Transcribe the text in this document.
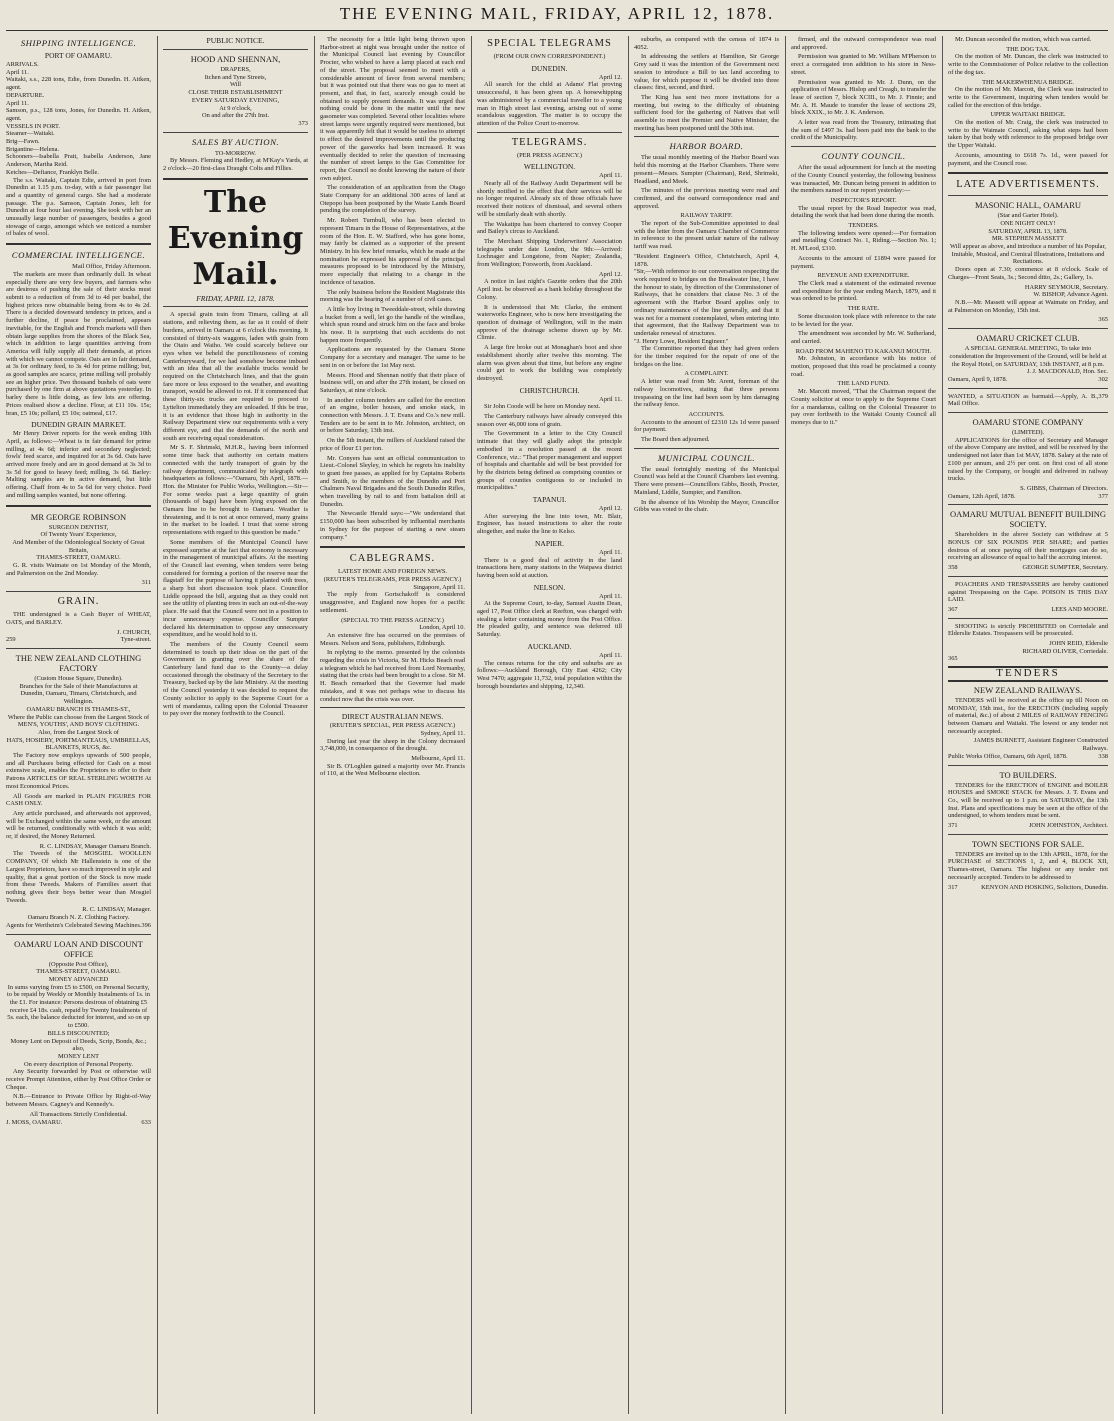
THE EVENING MAIL, FRIDAY, APRIL 12, 1878.
SHIPPING INTELLIGENCE.
PORT OF OAMARU.
ARRIVALS.
April 11.
Waitaki, s.s., 228 tons, Edie, from Dunedin. H. Aitken, agent.
DEPARTURE.
April 11.
Samson, p.s., 128 tons, Jones, for Dunedin. H. Aitken, agent.
VESSELS IN PORT.
Steamer—Waitaki.
Brig—Fawn.
Brigantine—Helena.
Schooners—Isabella Pratt, Isabella Anderson, Jane Anderson, Martha Reid.
Ketches—Defiance, Franklyn Belle.

The s.s. Waitaki, Captain Edie, arrived in port from Dunedin at 1.15 p.m. to-day, with a fair passenger list and a quantity of general cargo. She had a moderate passage. The p.s. Samson, Captain Jones, left for Dunedin at four hour last evening. She took with her an unusually large number of passengers, besides a good stowage of cargo, amongst which we noticed a number of bales of wool.

COMMERCIAL INTELLIGENCE.
Mail Office, Friday Afternoon.

The markets are more than ordinarily dull. In wheat especially there are very few buyers, and farmers who are desirous of pushing the sale of their stocks must submit to a reduction of from 3d to 4d per bushel, the highest prices now obtainable being from 4s to 4s 2d. There is a decided downward tendency in prices, and a further decline, if peace be proclaimed, appears inevitable, for the English and French markets will then obtain large supplies from the shores of the Black Sea, which in addition to large quantities arriving from America will fully supply all their demands, at prices with which we cannot compete. Oats are in fair demand, at 3s for ordinary feed, to 3s 4d for prime milling; but, as good samples are scarce, prime milling will probably see an higher price. Two thousand bushels of oats were purchased by one firm at above quotations yesterday. In barley there is little doing, as few lots are offering. Prices realised show a decline. Flour, at £11 10s. 15s; bran, £5 10s; pollard, £5 10s; oatmeal, £17.

DUNEDIN GRAIN MARKET.

Mr Henry Driver reports for the week ending 10th April, as follows:—Wheat is in fair demand for prime milling, at 4s 6d; inferior and secondary neglected; fowls' feed scarce, and inquired for at 3s 6d. Oats have arrived more freely and are in good demand at 3s 3d to 3s 5d for good to heavy feed; milling, 3s 6d. Barley: Malting samples are in active demand, but little offering. Chaff from 4s to 5s 6d for very choice. Feed and milling samples wanted, but none offering.

MR GEORGE ROBINSON
SURGEON DENTIST,
Of Twenty Years' Experience,
And Member of the Odontological Society of Great Britain,
THAMES-STREET, OAMARU.

G. R. visits Waimate on 1st Monday of the Month, and Palmerston on the 2nd Monday.

311
GRAIN.

THE undersigned is a Cash Buyer of WHEAT, OATS, and BARLEY.

J. CHURCH,
259	Tyne-street.
THE NEW ZEALAND CLOTHING FACTORY
(Custom House Square, Dunedin).
Branches for the Sale of their Manufactures at
Dunedin, Oamaru, Timaru, Christchurch, and Wellington.
OAMARU BRANCH IS THAMES-ST.,
Where the Public can choose from the Largest Stock of
MEN'S, YOUTHS', AND BOYS' CLOTHING.
Also, from the Largest Stock of
HATS, HOSIERY, PORTMANTEAUS, UMBRELLAS, BLANKETS, RUGS, &c.

The Factory now employs upwards of 500 people, and all Purchases being effected for Cash on a most extensive scale, enables the Proprietors to offer to their Patrons ARTICLES OF REAL STERLING WORTH At most Economical Prices.

All Goods are marked in PLAIN FIGURES FOR CASH ONLY.

Any article purchased, and afterwards not approved, will be Exchanged within the same week, or the amount will be returned, conditionally with which it was sold; or, if desired, the Money Returned.

R. C. LINDSAY, Manager Oamaru Branch.

The Tweeds of the MOSGIEL WOOLLEN COMPANY, Of which Mr Hallenstein is one of the Largest Proprietors, have so much improved in style and quality, that a great portion of the Stock is now made from these Tweeds. Makers of Families assert that nothing gives their boys better wear than Mosgiel Tweeds.

R. C. LINDSAY, Manager.
Oamaru Branch N. Z. Clothing Factory.
Agents for Wertheim's Celebrated Sewing Machines. 396
OAMARU LOAN AND DISCOUNT OFFICE
(Opposite Post Office),
THAMES-STREET, OAMARU.
MONEY ADVANCED
In sums varying from £5 to £500, on Personal Security, to be repaid by Weekly or Monthly Instalments of 1s. in the £1. For instance: Persons desirous of obtaining £5 receive £4 18s. cash, repaid by Twenty Instalments of 5s. each, the balance deducted for interest, and so on up to £500.
BILLS DISCOUNTED;
Money Lent on Deposit of Deeds, Scrip, Bonds, &c.; also,
MONEY LENT
On every description of Personal Property.

Any Security forwarded by Post or otherwise will receive Prompt Attention, either by Post Office Order or Cheque.

N.B.—Entrance to Private Office by Right-of-Way between Messrs. Cagney's and Kennedy's.

All Transactions Strictly Confidential.
J. MOSS, OAMARU.	633
PUBLIC NOTICE.
HOOD AND SHENNAN,
DRAPERS,
Itchen and Tyne Streets,
Will
CLOSE THEIR ESTABLISHMENT
EVERY SATURDAY EVENING,
At 9 o'clock,
On and after the 27th Inst.
373
SALES BY AUCTION.
TO-MORROW.

By Messrs. Fleming and Hedley, at M'Kay's Yards, at 2 o'clock—20 first-class Draught Colts and Fillies.

The Evening Mail.
FRIDAY, APRIL 12, 1878.

A special grain train from Timaru, calling at all stations, and relieving them, as far as it could of their burdens, arrived in Oamaru at 6 o'clock this morning. It consisted of thirty-six waggons, laden with grain from the Otaio and Waiho. We could scarcely believe our eyes when we beheld the punctiliousness of coming Canterburyward, for we had somehow become imbued with an idea that all the available trucks would be required on the Christchurch lines, and that the grain fare more or less exposed to the weather, and awaiting transport, would be allowed to rot. If it commenced that these thirty-six trucks are required to proceed to Lyttelton immediately they are unloaded. If this be true, it is an evidence that those high in authority in the Railway Department view our requirements with a very different eye, and that the demands of the north and south are receiving equal consideration.

Mr S. F. Shrimski, M.H.R., having been informed some time back that authority on certain matters connected with the tardy transport of grain by the railway department, communicated by telegraph with headquarters as follows:—"Oamaru, 5th April, 1878.—Hon. the Minister for Public Works, Wellington.—Sir—For some weeks past a large quantity of grain (thousands of bags) have been lying exposed on the Oamaru line to be brought to Oamaru. Weather is threatening, and it is not at once removed, many grains in the market to be loaded. I trust that some strong representations with regard to this question be made."

Some members of the Municipal Council have expressed surprise at the fact that economy is necessary in the management of municipal affairs. At the meeting of the Council last evening, when tenders were being considered for forming a portion of the reserve near the flagstaff for the purpose of having it planted with trees, a sharp but short discussion took place. Councillor Liddle opposed the bill, arguing that as they could not see the utility of planting trees in such an out-of-the-way place. He said that the Council were not in a position to incur unnecessary expense. Councillor Sumpter declared his determination to oppose any unnecessary expenditure, and he would hold to it.

The members of the County Council seem determined to touch up their ideas on the part of the Government in granting over the share of the Canterbury land fund due to the County—a delay occasioned through the obstinacy of the Secretary to the Treasury, backed up by the late Ministry. At the meeting of the Council yesterday it was decided to request the County solicitor to apply to the Supreme Court for a writ of mandamus, calling upon the Colonial Treasurer to pay over the money forthwith to the Council.

The necessity for a little light being thrown upon Harbor-street at night was brought under the notice of the Municipal Council last evening by Councillor Procter, who wished to have a lamp placed at each end of the street. The proposal seemed to meet with a considerable amount of favor from several members; but it was pointed out that there was no gas to meet at present, and that, in fact, scarcely enough could be obtained to supply present demands. It was urged that nothing could be done in the matter until the new gasometer was completed. Several other localities where street lamps were urgently required were mentioned, but it was apparently felt that it would be useless to attempt to effect the desired improvements until the producing power of the gasworks had been increased. It was eventually decided to refer the question of increasing the number of street lamps to the Gas Committee for report, the Council no doubt knowing the nature of their own subject.

The consideration of an application from the Otago State Company for an additional 300 acres of land at Otepopo has been postponed by the Waste Lands Board pending the completion of the survey.

Mr. Robert Turnbull, who has been elected to represent Timaru in the House of Representatives, at the room of the Hon. E. W. Stafford, who has gone home, may fairly be claimed as a supporter of the present Ministry. In his few brief remarks, which he made at the nomination he expressed his approval of the principal measures proposed to be introduced by the Ministry, more especially that relating to a change in the incidence of taxation.

The only business before the Resident Magistrate this morning was the hearing of a number of civil cases.

A little boy living in Tweeddale-street, while drawing a bucket from a well, let go the handle of the windlass, which spun round and struck him on the face and broke his nose. It is surprising that such accidents do not happen more frequently.

Applications are requested by the Oamaru Stone Company for a secretary and manager. The same to be sent in on or before the 1st May next.

Messrs. Hood and Shennan notify that their place of business will, on and after the 27th instant, be closed on Saturdays, at nine o'clock.

In another column tenders are called for the erection of an engine, boiler houses, and smoke stack, in connection with Messrs. J. T. Evans and Co.'s new mill. Tenders are to be sent in to Mr. Johnston, architect, on or before Saturday, 13th inst.

On the 5th instant, the millers of Auckland raised the price of flour £1 per ton.

Mr. Conyers has sent an official communication to Lieut.-Colonel Sleyley, in which he regrets his inability to grant free passes, as applied for by Captains Roberts and Smith, to the members of the Dunedin and Port Chalmers Naval Brigades and the South Dunedin Rifles, when travelling by rail to and from battalion drill at Dunedin.

The Newcastle Herald says:—"We understand that £150,000 has been subscribed by influential merchants in Sydney for the purpose of starting a new steam company."

CABLEGRAMS.
LATEST HOME AND FOREIGN NEWS.
(REUTER'S TELEGRAMS, PER PRESS AGENCY.)
Singapore, April 11.

The reply from Gortschakoff is considered unaggressive, and England now hopes for a pacific settlement.

(SPECIAL TO THE PRESS AGENCY.)
London, April 10.

An extensive fire has occurred on the premises of Messrs. Nelson and Sons, publishers, Edinburgh.

In replying to the memo. presented by the colonists regarding the crisis in Victoria, Sir M. Hicks Beach read a telegram which he had received from Lord Normanby, stating that the crisis had been brought to a close. Sir M. H. Beach remarked that the Governor had made mistakes, and it was not perhaps wise to discuss his conduct now that the crisis was over.

DIRECT AUSTRALIAN NEWS.
(REUTER'S SPECIAL, PER PRESS AGENCY.)
Sydney, April 11.

During last year the sheep in the Colony decreased 3,748,000, in consequence of the drought.

Melbourne, April 11.

Sir B. O'Loghlen gained a majority over Mr. Francis of 110, at the West Melbourne election.

SPECIAL TELEGRAMS
(FROM OUR OWN CORRESPONDENT.)
DUNEDIN.
April 12.

All search for the child at Adams' Flat proving unsuccessful, it has been given up. A horsewhipping was administered by a commercial traveller to a young man in High street last evening, arising out of some scandalous suggestion. The matter is to occupy the attention of the Police Court to-morrow.

TELEGRAMS.
(PER PRESS AGENCY.)
WELLINGTON.
April 11.

Nearly all of the Railway Audit Department will be shortly notified to the effect that their services will be no longer required. Already six of those officials have received their notices of dismissal, and several others will be similarly dealt with shortly.

The Wakatipu has been chartered to convey Cooper and Bailey's circus to Auckland.

The Merchant Shipping Underwriters' Association telegraphs under date London, the 9th:—Arrived: Lochnager and Longstone, from Napier; Zealandia, from Wellington; Forsworth, from Auckland.

April 12.

A notice in last night's Gazette orders that the 20th April inst. be observed as a bank holiday throughout the Colony.

It is understood that Mr. Clarke, the eminent waterworks Engineer, who is now here investigating the question of drainage of Wellington, will in the main approve of the drainage scheme drawn up by Mr. Climie.

A large fire broke out at Monaghan's boot and shoe establishment shortly after twelve this morning. The alarm was given about that time, but before any engine could get to work the building was completely destroyed.

CHRISTCHURCH.
April 11.

Sir John Coode will be here on Monday next.

The Canterbury railways have already conveyed this season over 46,000 tons of grain.

The Government in a letter to the City Council intimate that they will gladly adopt the principle embodied in a resolution passed at the recent Conference, viz.: "That proper management and support of hospitals and charitable aid will be best provided for by the districts being defined as comprising counties or groups of counties contiguous to or included in municipalities."

TAPANUI.
April 12.

After surveying the line into town, Mr. Blair, Engineer, has issued instructions to alter the route altogether, and make the line to Kelso.

NAPIER.
April 11.

There is a good deal of activity in the land transactions here, many stations in the Waipawa district having been sold at auction.

NELSON.
April 11.

At the Supreme Court, to-day, Samuel Austin Dean, aged 17, Post Office clerk at Reefton, was charged with stealing a letter containing money from the Post Office. He pleaded guilty, and sentence was deferred till Saturday.

AUCKLAND.
April 11.

The census returns for the city and suburbs are as follows:—Auckland Borough, City East 4262; City West 7470; aggregate 11,732, total population within the borough boundaries and shipping, 12,340.

suburbs, as compared with the census of 1874 is 4052.

In addressing the settlers at Hamilton, Sir George Grey said it was the intention of the Government next session to introduce a Bill to tax land according to value, for which purpose it will be divided into three classes: first, second, and third.

The King has sent two more invitations for a meeting, but owing to the difficulty of obtaining sufficient food for the gathering of Natives that will assemble to meet the Premier and Native Minister, the meeting has been postponed until the 30th inst.

HARBOR BOARD.

The usual monthly meeting of the Harbor Board was held this morning at the Harbor Chambers. There were present—Messrs. Sumpter (Chairman), Reid, Shrimski, Headland, and Meek.

The minutes of the previous meeting were read and confirmed, and the outward correspondence read and approved.

RAILWAY TARIFF.

The report of the Sub-Committee appointed to deal with the letter from the Oamaru Chamber of Commerce in reference to the present unfair nature of the railway tariff was read.

"Resident Engineer's Office, Christchurch, April 4, 1878.
"Sir,—With reference to our conversation respecting the work required to bridges on the Breakwater line, I have the honour to state, by direction of the Commissioner of Railways, that he considers that clause No. 3 of the agreement with the Harbor Board applies only to ordinary maintenance of the line generally, and that it was not for a moment contemplated, when entering into that agreement, that the Railway Department was to undertake renewal of structures.
"J. Henry Lowe, Resident Engineer."

The Committee reported that they had given orders for the timber required for the repair of one of the bridges on the line.

A COMPLAINT.

A letter was read from Mr. Arent, foreman of the railway locomotives, stating that three persons trespassing on the line had been seen by him damaging the railway fence.

ACCOUNTS.

Accounts to the amount of £2310 12s 1d were passed for payment.

The Board then adjourned.

MUNICIPAL COUNCIL.

The usual fortnightly meeting of the Municipal Council was held at the Council Chambers last evening. There were present—Councillors Gibbs, Booth, Procter, Mainland, Liddle, Sumpter, and Familton.

In the absence of his Worship the Mayor, Councillor Gibbs was voted to the chair.

firmed, and the outward correspondence was read and approved.

Permission was granted to Mr. William M'Pherson to erect a corrugated iron addition to his store in Ness-street.

Permission was granted to Mr. J. Dunn, on the application of Messrs. Hislop and Creagh, to transfer the lease of section 7, block XCIII., to Mr. J. Finnie; and Mr. A. H. Maude to transfer the lease of sections 29, block XXIX., to Mr. J. K. Anderson.

A letter was read from the Treasury, intimating that the sum of £497 3s. had been paid into the bank to the credit of the Municipality.

COUNTY COUNCIL.

After the usual adjournment for lunch at the meeting of the County Council yesterday, the following business was transacted, Mr. Duncan being present in addition to the members named in our report yesterday:—

INSPECTOR'S REPORT.

The usual report by the Road Inspector was read, detailing the work that had been done during the month.

TENDERS.

The following tenders were opened:—For formation and metalling Contract No. 1, Riding.—Section No. 1; H. M'Leod, £310.

Accounts to the amount of £1894 were passed for payment.

REVENUE AND EXPENDITURE.

The Clerk read a statement of the estimated revenue and expenditure for the year ending March, 1879, and it was ordered to be printed.

THE RATE.

Some discussion took place with reference to the rate to be levied for the year.

The amendment was seconded by Mr. W. Sutherland, and carried.

ROAD FROM MAHENO TO KAKANUI MOUTH.

Mr. Johnston, in accordance with his notice of motion, proposed that this road be proclaimed a county road.

THE LAND FUND.

Mr. Marcott moved, "That the Chairman request the County solicitor at once to apply to the Supreme Court for a mandamus, calling on the Colonial Treasurer to pay over forthwith to the Waitaki County Council all moneys due to it."

Mr. Duncan seconded the motion, which was carried.

THE DOG TAX.

On the motion of Mr. Duncan, the clerk was instructed to write to the Commissioner of Police relative to the collection of the dog tax.

THE MAKERWHENUA BRIDGE.

On the motion of Mr. Marcott, the Clerk was instructed to write to the Government, inquiring when tenders would be called for the erection of this bridge.

UPPER WAITAKI BRIDGE.

On the motion of Mr. Craig, the clerk was instructed to write to the Waimate Council, asking what steps had been taken by that body with reference to the proposed bridge over the Upper Waitaki.

Accounts, amounting to £618 7s. 1d., were passed for payment, and the Council rose.

LATE ADVERTISEMENTS.
MASONIC HALL, OAMARU
(Star and Garter Hotel).
ONE NIGHT ONLY!
SATURDAY, APRIL 13, 1878.
MR. STEPHEN MASSETT
Will appear as above, and introduce a number of his Popular, Imitable, Musical, and Comical Illustrations, Imitations and Recitations.

Doors open at 7.30; commence at 8 o'clock. Scale of Charges—Front Seats, 3s.; Second ditto, 2s.; Gallery, 1s.

HARRY SEYMOUR, Secretary.
W. BISHOP, Advance Agent.

N.B.—Mr. Massett will appear at Waimate on Friday, and at Palmerston on Monday, 15th inst.

365
OAMARU CRICKET CLUB.
A SPECIAL GENERAL MEETING, To take into consideration the Improvement of the Ground, will be held at the Royal Hotel, on SATURDAY, 13th INSTANT, at 8 p.m.
J. J. MACDONALD, Hon. Sec.
Oamaru, April 9, 1878.	302
WANTED, a SITUATION as barmaid.—Apply, A. B., Mail Office.
379
OAMARU STONE COMPANY
(LIMITED).

APPLICATIONS for the office of Secretary and Manager of the above Company are invited, and will be received by the undersigned not later than 1st MAY, 1878. Salary at the rate of £100 per annum, and 2½ per cent. on first cost of all stone raised by the Company, or bought and delivered in railway trucks.

S. GIBBS, Chairman of Directors.
Oamaru, 12th April, 1878.	377
OAMARU MUTUAL BENEFIT BUILDING SOCIETY.

Shareholders in the above Society can withdraw at 5 BONUS OF SIX POUNDS PER SHARE; and parties desirous of at once paying off their mortgages can do so, receiving an allowance of equal to half the accruing interest.

358	GEORGE SUMPTER, Secretary.

POACHERS AND TRESPASSERS are hereby cautioned against Trespassing on the Cape. POISON IS THIS DAY LAID.

367	LEES AND MOORE.

SHOOTING is strictly PROHIBITED on Corriedale and Elderslie Estates. Trespassers will be prosecuted.

JOHN REID, Elderslie
RICHARD OLIVER, Corriedale.
365
TENDERS
NEW ZEALAND RAILWAYS.

TENDERS will be received at the office up till Noon on MONDAY, 15th inst., for the ERECTION (including supply of material, &c.) of about 2 MILES of RAILWAY FENCING between Oamaru and Waitaki. The lowest or any tender not necessarily accepted.

JAMES BURNETT, Assistant Engineer Constructed Railways.
Public Works Office, Oamaru, 6th April, 1878.	338
TO BUILDERS.

TENDERS for the ERECTION of ENGINE and BOILER HOUSES and SMOKE STACK for Messrs. J. T. Evans and Co., will be received up to 1 p.m. on SATURDAY, the 13th Inst. Plans and specifications may be seen at the office of the undersigned, to whom tenders must be sent.

371	JOHN JOHNSTON, Architect.
TOWN SECTIONS FOR SALE.

TENDERS are invited up to the 13th APRIL, 1878, for the PURCHASE of SECTIONS 1, 2, and 4, BLOCK XII, Thames-street, Oamaru. The highest or any tender not necessarily accepted. Tenders to be addressed to

317	KENYON AND HOSKING, Solicitors, Dunedin.
